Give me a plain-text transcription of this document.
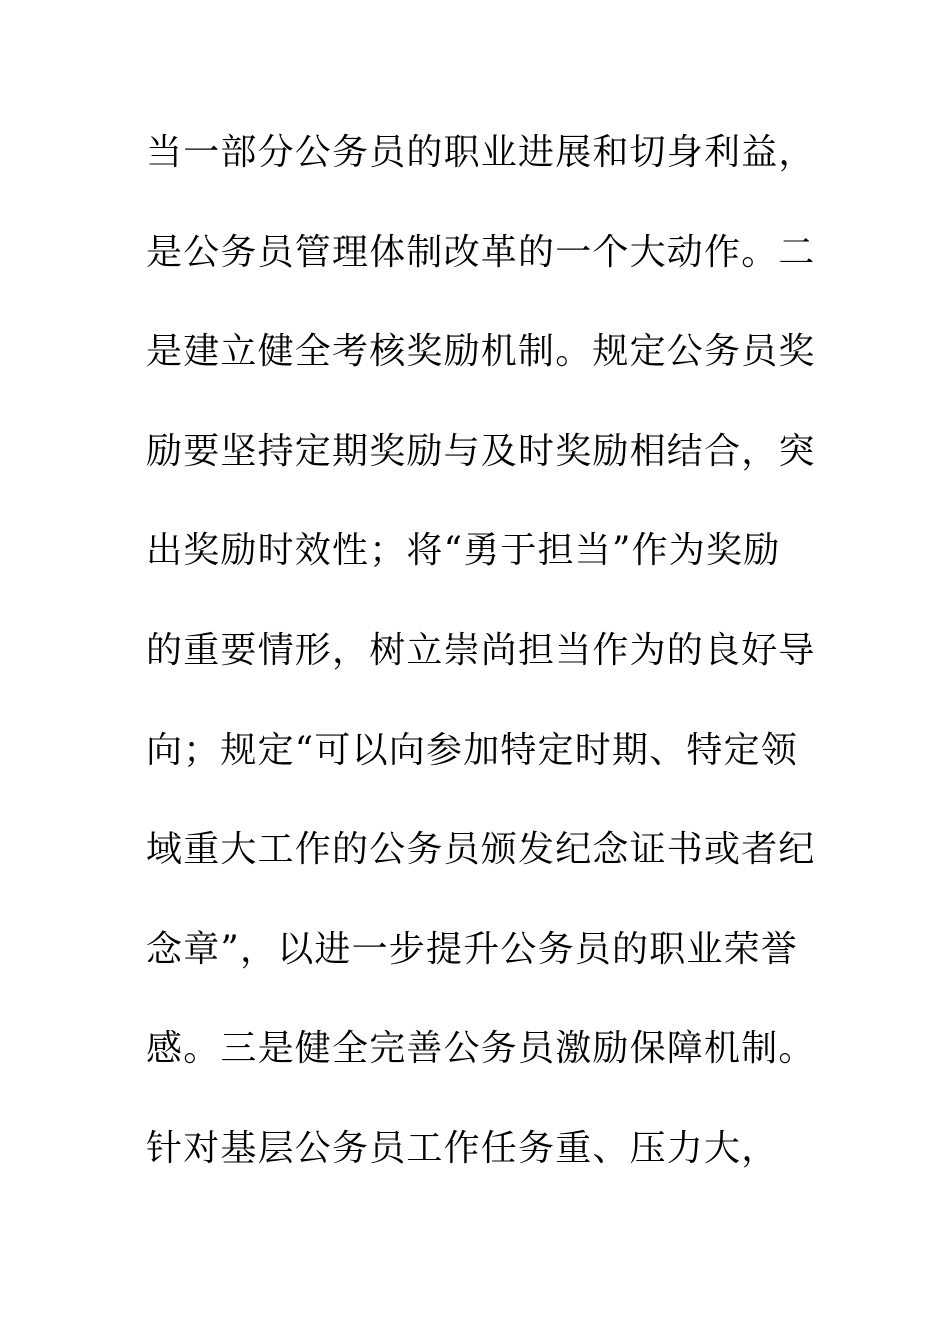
当一部分公务员的职业进展和切身利益，
是公务员管理体制改革的一个大动作。二
是建立健全考核奖励机制。规定公务员奖
励要坚持定期奖励与及时奖励相结合，突
出奖励时效性；将“勇于担当”作为奖励
的重要情形，树立崇尚担当作为的良好导
向；规定“可以向参加特定时期、特定领
域重大工作的公务员颁发纪念证书或者纪
念章”，以进一步提升公务员的职业荣誉
感。三是健全完善公务员激励保障机制。
针对基层公务员工作任务重、压力大，
